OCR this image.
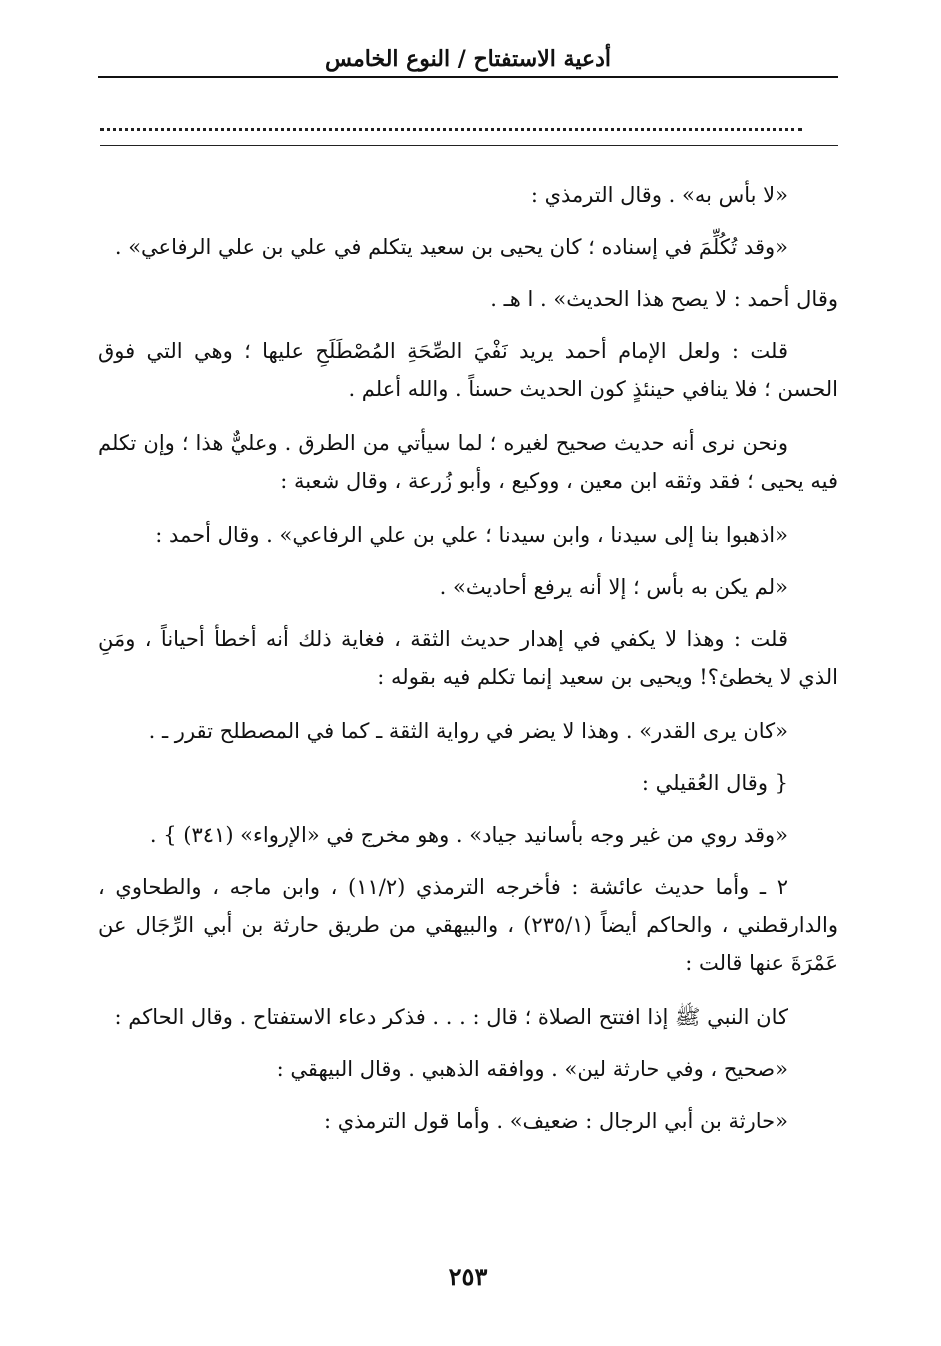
أدعية الاستفتاح / النوع الخامس

«لا بأس به» . وقال الترمذي :

«وقد تُكُلِّمَ في إسناده ؛ كان يحيى بن سعيد يتكلم في علي بن علي الرفاعي» .

وقال أحمد : لا يصح هذا الحديث» . ا هـ .

قلت : ولعل الإمام أحمد يريد نَفْيَ الصِّحَةِ المُصْطَلَحِ عليها ؛ وهي التي فوق الحسن ؛ فلا ينافي حينئذٍ كون الحديث حسناً . والله أعلم .

ونحن نرى أنه حديث صحيح لغيره ؛ لما سيأتي من الطرق . وعليٌّ هذا ؛ وإن تكلم فيه يحيى ؛ فقد وثقه ابن معين ، ووكيع ، وأبو زُرعة ، وقال شعبة :

«اذهبوا بنا إلى سيدنا ، وابن سيدنا ؛ علي بن علي الرفاعي» . وقال أحمد :

«لم يكن به بأس ؛ إلا أنه يرفع أحاديث» .

قلت : وهذا لا يكفي في إهدار حديث الثقة ، فغاية ذلك أنه أخطأ أحياناً ، ومَنِ الذي لا يخطئ؟! ويحيى بن سعيد إنما تكلم فيه بقوله :

«كان يرى القدر» . وهذا لا يضر في رواية الثقة ـ كما في المصطلح تقرر ـ .

{ وقال العُقيلي :

«وقد روي من غير وجه بأسانيد جياد» . وهو مخرج في «الإرواء» (٣٤١) } .

٢ ـ وأما حديث عائشة : فأخرجه الترمذي (١١/٢) ، وابن ماجه ، والطحاوي ، والدارقطني ، والحاكم أيضاً (٢٣٥/١) ، والبيهقي من طريق حارثة بن أبي الرِّجَال عن عَمْرَةَ عنها قالت :

كان النبي ﷺ إذا افتتح الصلاة ؛ قال : . . . فذكر دعاء الاستفتاح . وقال الحاكم :

«صحيح ، وفي حارثة لين» . ووافقه الذهبي . وقال البيهقي :

«حارثة بن أبي الرجال : ضعيف» . وأما قول الترمذي :

٢٥٣
